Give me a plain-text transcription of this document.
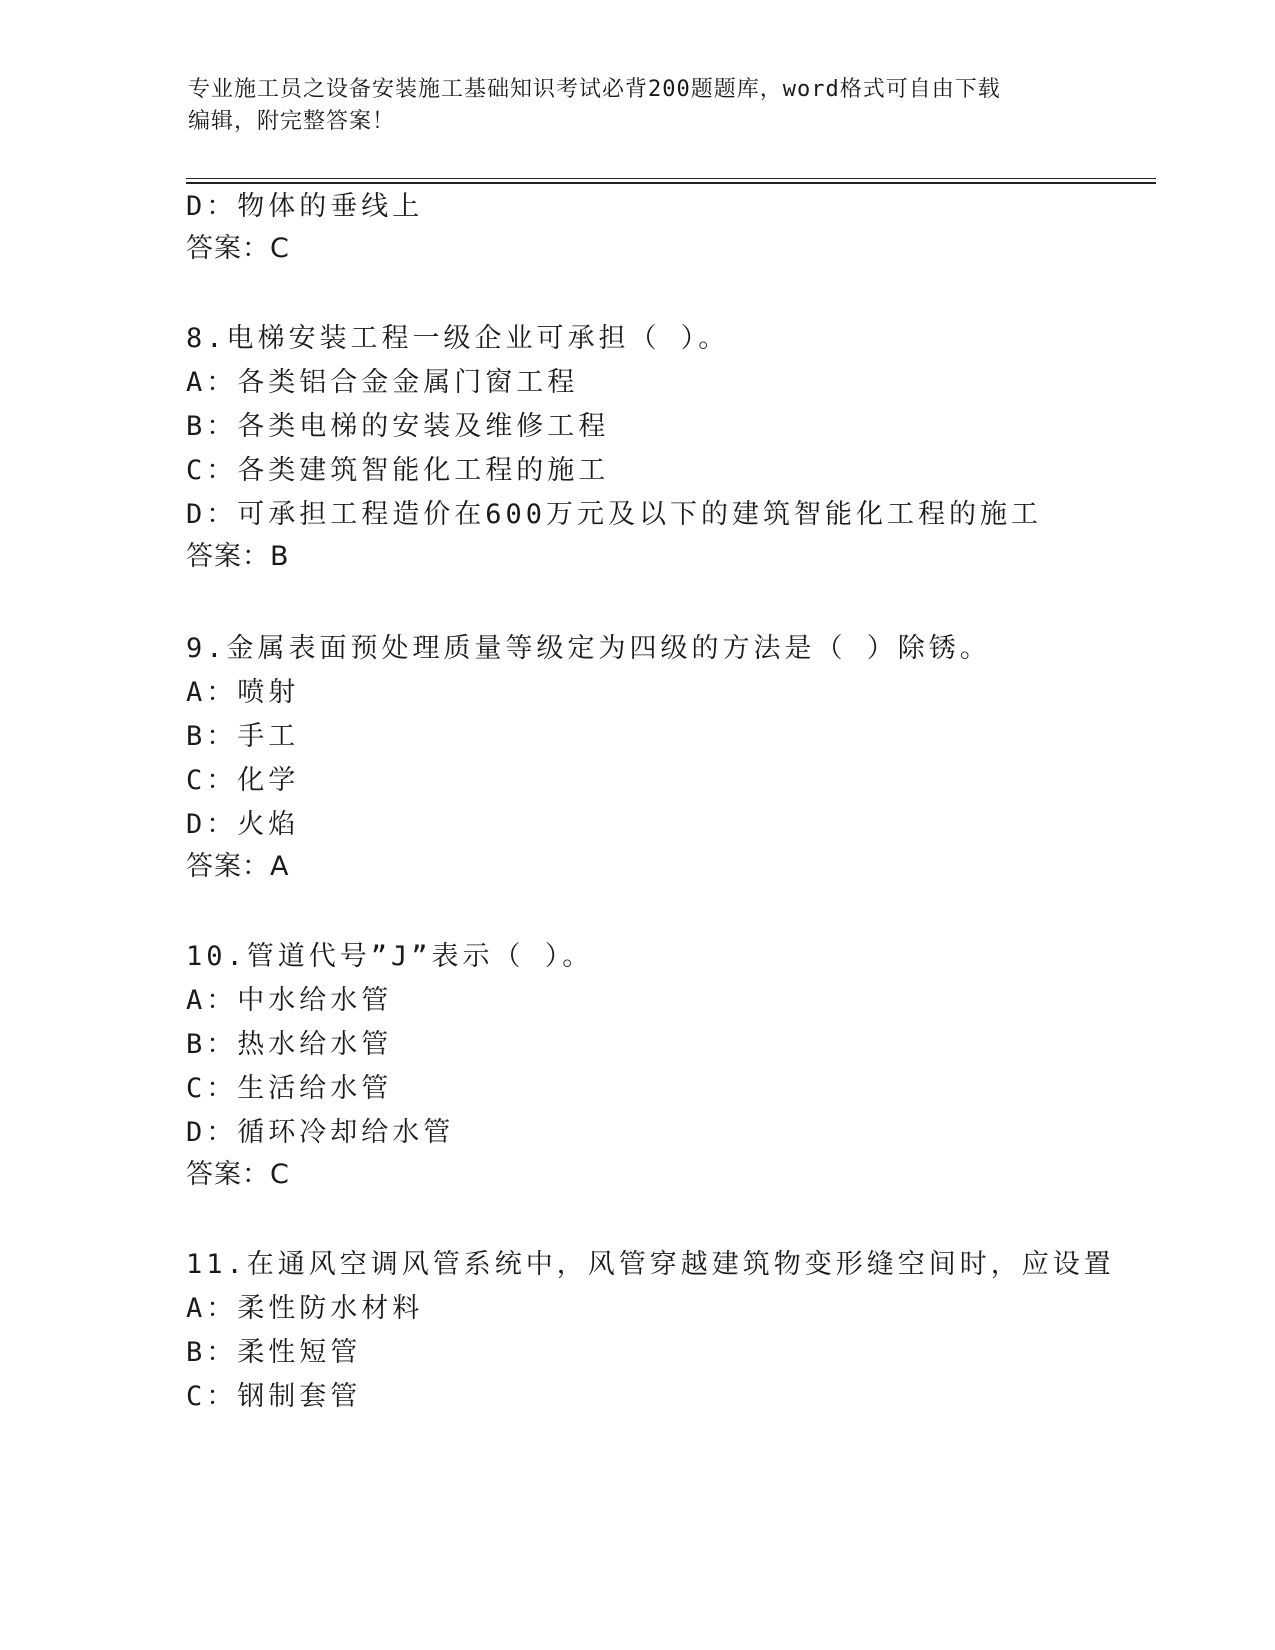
专业施工员之设备安装施工基础知识考试必背200题题库，word格式可自由下载
编辑，附完整答案！
D：物体的垂线上
答案：C
8.电梯安装工程一级企业可承担（ ）。
A：各类铝合金金属门窗工程
B：各类电梯的安装及维修工程
C：各类建筑智能化工程的施工
D：可承担工程造价在600万元及以下的建筑智能化工程的施工
答案：B
9.金属表面预处理质量等级定为四级的方法是（ ）除锈。
A：喷射
B：手工
C：化学
D：火焰
答案：A
10.管道代号”J”表示（ ）。
A：中水给水管
B：热水给水管
C：生活给水管
D：循环冷却给水管
答案：C
11.在通风空调风管系统中，风管穿越建筑物变形缝空间时，应设置
A：柔性防水材料
B：柔性短管
C：钢制套管
